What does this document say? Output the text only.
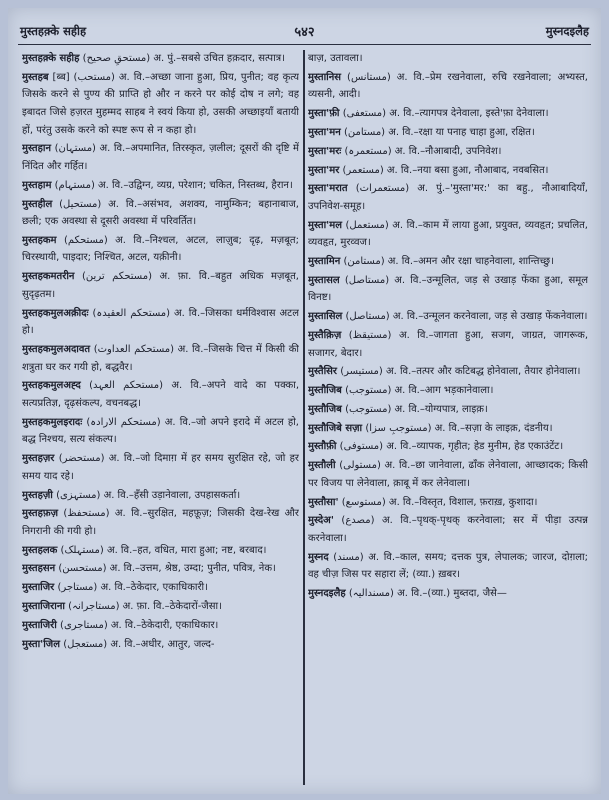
मुस्तहक़्के सहीह	५४२	मुस्नदइलैह

मुस्तहक़्के सहीह (مستحقِ صحیح) अ. पुं.–सबसे उचित हक़दार, सत्पात्र।

मुस्तहब [ब्ब] (مستحب) अ. वि.–अच्छा जाना हुआ, प्रिय, पुनीत; वह कृत्य जिसके करने से पुण्य की प्राप्ति हो और न करने पर कोई दोष न लगे; वह इबादत जिसे हज़रत मुहम्मद साहब ने स्वयं किया हो, उसकी अच्छाइयाँ बतायी हों, परंतु उसके करने को स्पष्ट रूप से न कहा हो।

मुस्तहान (مستہان) अ. वि.–अपमानित, तिरस्कृत, ज़लील; दूसरों की दृष्टि में निंदित और गर्हित।

मुस्तहाम (مستہام) अ. वि.–उद्विग्न, व्यग्र, परेशान; चकित, निस्तब्ध, हैरान।

मुस्तहील (مستحیل) अ. वि.–असंभव, अशक्य, नामुम्किन; बहानाबाज, छली; एक अवस्था से दूसरी अवस्था में परिवर्तित।

मुस्तहकम (مستحکم) अ. वि.–निश्चल, अटल, लाज़ुब; दृढ़, मज़बूत; चिरस्थायी, पाइदार; निश्चित, अटल, यक़ीनी।

मुस्तहकमतरीन (مستحکم ترین) अ. फ़ा. वि.–बहुत अधिक मज़बूत, सुदृढ़तम।

मुस्तहकमुलअक़ीदः (مستحکم العقیدہ) अ. वि.–जिसका धर्मविश्वास अटल हो।

मुस्तहकमुलअदावत (مستحکم العداوت) अ. वि.–जिसके चित्त में किसी की शत्रुता घर कर गयी हो, बद्धवैर।

मुस्तहकमुलअह्द (مستحکم العہد) अ. वि.–अपने वादे का पक्का, सत्यप्रतिज्ञ, दृढ़संकल्प, वचनबद्ध।

मुस्तहकमुलइरादः (مستحکم الارادہ) अ. वि.–जो अपने इरादे में अटल हो, बद्ध निश्चय, सत्य संकल्प।

मुस्तहज़र (مستحضر) अ. वि.–जो दिमाग़ में हर समय सुरक्षित रहे, जो हर समय याद रहे।

मुस्तहज़ी (مستہزی) अ. वि.–हँसी उड़ानेवाला, उपहासकर्ता।

मुस्तहफ़ज़ (مستحفظ) अ. वि.–सुरक्षित, महफ़ूज़; जिसकी देख-रेख और निगरानी की गयी हो।

मुस्तहलक (مستہلک) अ. वि.–हत, वधित, मारा हुआ; नष्ट, बरबाद।

मुस्तहसन (مستحسن) अ. वि.–उत्तम, श्रेष्ठ, उम्दा; पुनीत, पवित्र, नेक।

मुस्ताजिर (مستاجر) अ. वि.–ठेकेदार, एकाधिकारी।

मुस्ताजिराना (مستاجرانہ) अ. फ़ा. वि.–ठेकेदारों-जैसा।

मुस्ताजिरी (مستاجری) अ. वि.–ठेकेदारी, एकाधिकार।

मुस्ता'जिल (مستعجل) अ. वि.–अधीर, आतुर, जल्द-

बाज़, उतावला।

मुस्तानिस (مستانس) अ. वि.–प्रेम रखनेवाला, रुचि रखनेवाला; अभ्यस्त, व्यसनी, आदी।

मुस्ता'फ़ी (مستعفی) अ. वि.–त्यागपत्र देनेवाला, इस्ते'फ़ा देनेवाला।

मुस्ता'मन (مستامن) अ. वि.–रक्षा या पनाह चाहा हुआ, रक्षित।

मुस्ता'मरः (مستعمرہ) अ. वि.–नौआबादी, उपनिवेश।

मुस्ता'मर (مستعمر) अ. वि.–नया बसा हुआ, नौआबाद, नवबसित।

मुस्ता'मरात (مستعمرات) अ. पुं.–'मुस्ता'मर:' का बहु., नौआबादियाँ, उपनिवेश-समूह।

मुस्ता'मल (مستعمل) अ. वि.–काम में लाया हुआ, प्रयुक्त, व्यवहृत; प्रचलित, व्यवहृत, मुरव्वज।

मुस्तामिन (مستامن) अ. वि.–अमन और रक्षा चाहनेवाला, शान्तिच्छु।

मुस्तासल (مستاصل) अ. वि.–उन्मूलित, जड़ से उखाड़ फेंका हुआ, समूल विनष्ट।

मुस्तासिल (مستاصل) अ. वि.–उन्मूलन करनेवाला, जड़ से उखाड़ फेंकनेवाला।

मुस्तैक़िज़ (مستیقظ) अ. वि.–जागता हुआ, सजग, जाग्रत, जागरूक, सजागर, बेदार।

मुस्तैसिर (مستیسر) अ. वि.–तत्पर और कटिबद्ध होनेवाला, तैयार होनेवाला।

मुस्तौजिब (مستوجب) अ. वि.–आग भड़कानेवाला।

मुस्तौजिब (مستوجب) अ. वि.–योग्यपात्र, लाइक़।

मुस्तौजिबे सज़ा (مستوجبِ سزا) अ. वि.–सज़ा के लाइक़, दंडनीय।

मुस्तौफ़ी (مستوفی) अ. वि.–व्यापक, गृहीत; हेड मुनीम, हेड एकाउंटेंट।

मुस्तौली (مستولی) अ. वि.–छा जानेवाला, ढाँक लेनेवाला, आच्छादक; किसी पर विजय पा लेनेवाला, क़ाबू में कर लेनेवाला।

मुस्तौसा' (مستوسع) अ. वि.–विस्तृत, विशाल, फ़राख़, कुशादा।

मुस्देअ' (مصدع) अ. वि.–पृथक्-पृथक् करनेवाला; सर में पीड़ा उत्पन्न करनेवाला।

मुस्नद (مسند) अ. वि.–काल, समय; दत्तक पुत्र, लेपालक; जारज, दोग़ला; वह चीज़ जिस पर सहारा लें; (व्या.) ख़बर।

मुस्नदइलैह (مسندالیہ) अ. वि.–(व्या.) मुब्तदा, जैसे—
